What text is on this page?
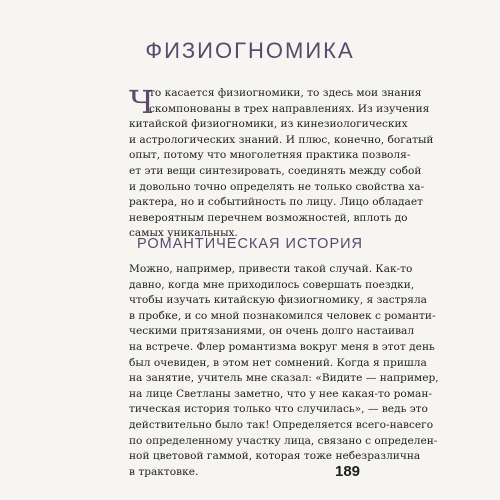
ФИЗИОГНОМИКА
Ч
то касается физиогномики, то здесь мои знания
скомпонованы в трех направлениях. Из изучения
китайской физиогномики, из кинезиологических
и астрологических знаний. И плюс, конечно, богатый
опыт, потому что многолетняя практика позволя-
ет эти вещи синтезировать, соединять между собой
и довольно точно определять не только свойства ха-
рактера, но и событийность по лицу. Лицо обладает
невероятным перечнем возможностей, вплоть до
самых уникальных.
РОМАНТИЧЕСКАЯ ИСТОРИЯ
Можно, например, привести такой случай. Как-то
давно, когда мне приходилось совершать поездки,
чтобы изучать китайскую физиогномику, я застряла
в пробке, и со мной познакомился человек с романти-
ческими притязаниями, он очень долго настаивал
на встрече. Флер романтизма вокруг меня в этот день
был очевиден, в этом нет сомнений. Когда я пришла
на занятие, учитель мне сказал: «Видите — например,
на лице Светланы заметно, что у нее какая-то роман-
тическая история только что случилась», — ведь это
действительно было так! Определяется всего-навсего
по определенному участку лица, связано с определен-
ной цветовой гаммой, которая тоже небезразлична
в трактовке.	189
